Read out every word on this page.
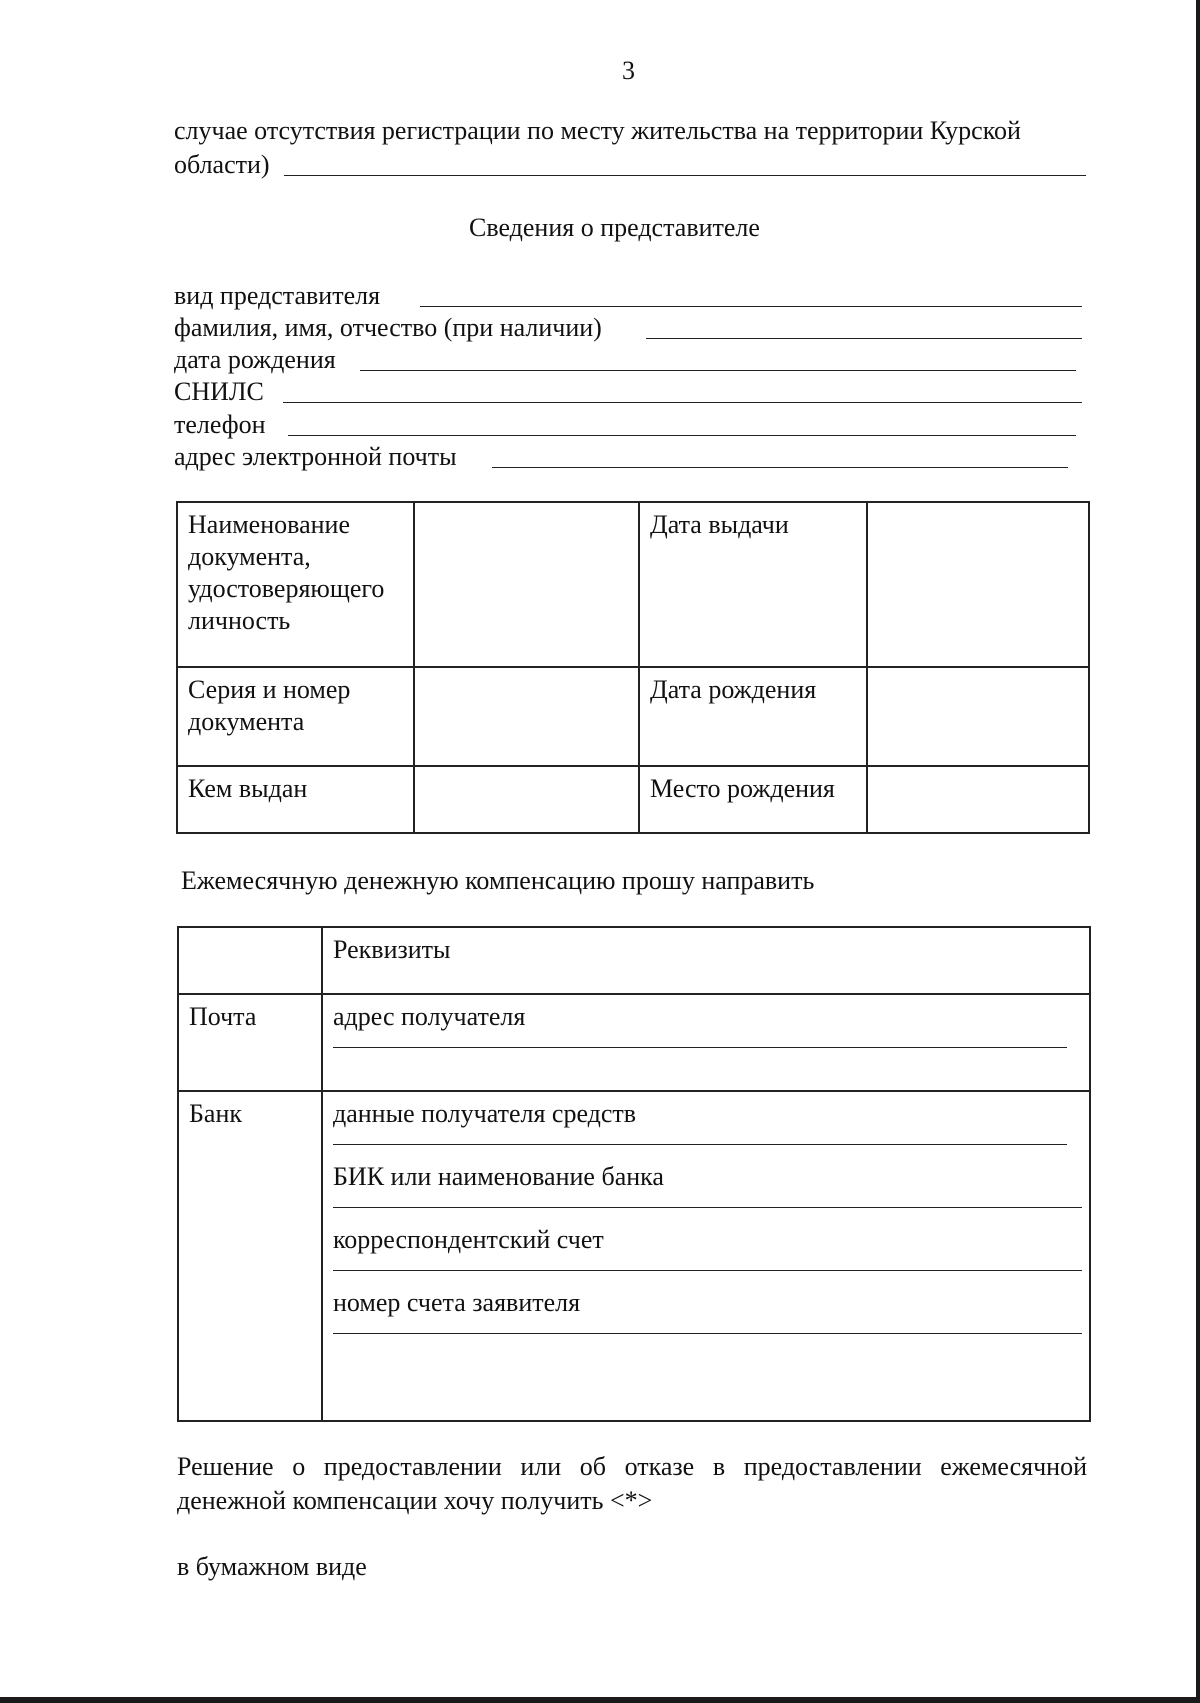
3
случае отсутствия регистрации по месту жительства на территории Курской
области)
Сведения о представителе
вид представителя
фамилия, имя, отчество (при наличии)
дата рождения
СНИЛС
телефон
адрес электронной почты
Наименование
документа,
удостоверяющего
личность		Дата выдачи	

Серия и номер
документа		Дата рождения	

Кем выдан		Место рождения	

Ежемесячную денежную компенсацию прошу направить

	Реквизиты

Почта	адрес получателя

Банк	данные получателя средств
БИК или наименование банка
корреспондентский счет
номер счета заявителя
Решение о предоставлении или об отказе в предоставлении ежемесячной
денежной компенсации хочу получить <*>
в бумажном виде
